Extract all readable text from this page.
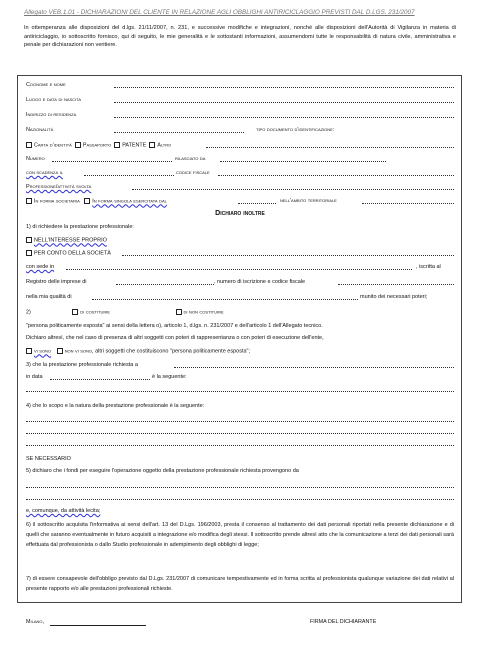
Allegato VEB.1.01 - DICHIARAZIONI DEL CLIENTE IN RELAZIONE AGLI OBBLIGHI ANTIRICICLAGGIO PREVISTI DAL D.LGS. 231/2007
In ottemperanza alle disposizioni del d.lgs. 21/11/2007, n. 231, e successive modifiche e integrazioni, nonché alle disposizioni dell'Autorità di Vigilanza in materia di antiriciclaggio, io sottoscritto fornisco, qui di seguito, le mie generalità e le sottostanti informazioni, assumendomi tutte le responsabilità di natura civile, amministrativa e penale per dichiarazioni non veritiere.
Cognome e nome
Luogo e data di nascita
Indirizzo di residenza
Nazionalità	tipo documento d'identificazione:
Carta d'identità Passaporto PATENTE Altro
Numero	rilasciato da
con scadenza il	codice fiscale
Professione/attività svolta
In forma societaria In forma singola esercitata dal	nell'ambito territoriale
Dichiaro inoltre
1) di richiedere la prestazione professionale:
NELL'INTERESSE PROPRIO
PER CONTO DELLA SOCIETÀ
con sede in	, iscritta al
Registro delle imprese di	, numero di iscrizione e codice fiscale
nella mia qualità di	munito dei necessari poteri;
2)	di costituire	di non costituire
"persona politicamente esposta" ai sensi della lettera o), articolo 1, d.lgs. n. 231/2007 e dell'articolo 1 dell'Allegato tecnico.
Dichiaro altresì, che nel caso di presenza di altri soggetti con poteri di rappresentanza o con poteri di esecuzione dell'ente,
vi sono	non vi sono, altri soggetti che costituiscono "persona politicamente esposta";
3) che la prestazione professionale richiesta a
in data	è la seguente:
4) che lo scopo e la natura della prestazione professionale è la seguente:
SE NECESSARIO
5) dichiaro che i fondi per eseguire l'operazione oggetto della prestazione professionale richiesta provengono da
e, comunque, da attività lecita;
6) il sottoscritto acquisita l'informativa ai sensi dell'art. 13 del D.Lgs. 196/2003, presta il consenso al trattamento dei dati personali riportati nella presente dichiarazione e di quelli che saranno eventualmente in futuro acquisiti a integrazione e/o modifica degli stessi. Il sottoscritto prende altresì atto che la comunicazione a terzi dei dati personali sarà effettuata dal professionista o dallo Studio professionale in adempimento degli obblighi di legge;
7) di essere consapevole dell'obbligo previsto dal D.Lgs. 231/2007 di comunicare tempestivamente ed in forma scritta al professionista qualunque variazione dei dati relativi al presente rapporto e/o alle prestazioni professionali richieste.
Milano,	FIRMA DEL DICHIARANTE
